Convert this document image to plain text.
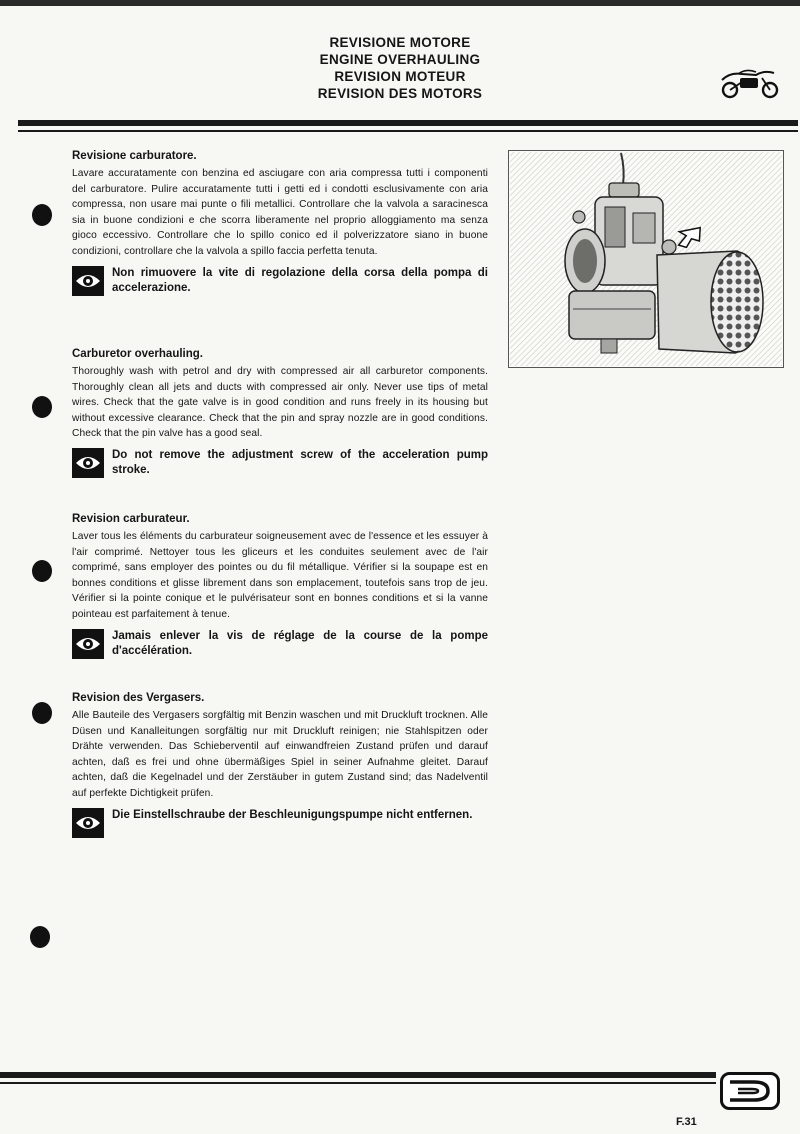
REVISIONE MOTORE
ENGINE OVERHAULING
REVISION MOTEUR
REVISION DES MOTORS

Revisione carburatore.

Lavare accuratamente con benzina ed asciugare con aria compressa tutti i componenti del carburatore. Pulire accuratamente tutti i getti ed i condotti esclusivamente con aria compressa, non usare mai punte o fili metallici. Controllare che la valvola a saracinesca sia in buone condizioni e che scorra liberamente nel proprio alloggiamento ma senza gioco eccessivo. Controllare che lo spillo conico ed il polverizzatore siano in buone condizioni, controllare che la valvola a spillo faccia perfetta tenuta.

Non rimuovere la vite di regolazione della corsa della pompa di accelerazione.

Carburetor overhauling.

Thoroughly wash with petrol and dry with compressed air all carburetor components. Thoroughly clean all jets and ducts with compressed air only. Never use tips of metal wires. Check that the gate valve is in good condition and runs freely in its housing but without excessive clearance. Check that the pin and spray nozzle are in good conditions. Check that the pin valve has a good seal.

Do not remove the adjustment screw of the acceleration pump stroke.

Revision carburateur.

Laver tous les éléments du carburateur soigneusement avec de l'essence et les essuyer à l'air comprimé. Nettoyer tous les gliceurs et les conduites seulement avec de l'air comprimé, sans employer des pointes ou du fil métallique. Vérifier si la soupape est en bonnes conditions et glisse librement dans son emplacement, toutefois sans trop de jeu. Vérifier si la pointe conique et le pulvérisateur sont en bonnes conditions et si la vanne pointeau est parfaitement à tenue.

Jamais enlever la vis de réglage de la course de la pompe d'accélération.

Revision des Vergasers.

Alle Bauteile des Vergasers sorgfältig mit Benzin waschen und mit Druckluft trocknen. Alle Düsen und Kanalleitungen sorgfältig nur mit Druckluft reinigen; nie Stahlspitzen oder Drähte verwenden. Das Schieberventil auf einwandfreien Zustand prüfen und darauf achten, daß es frei und ohne übermäßiges Spiel in seiner Aufnahme gleitet. Darauf achten, daß die Kegelnadel und der Zerstäuber in gutem Zustand sind; das Nadelventil auf perfekte Dichtigkeit prüfen.

Die Einstellschraube der Beschleunigungspumpe nicht entfernen.
F.31
